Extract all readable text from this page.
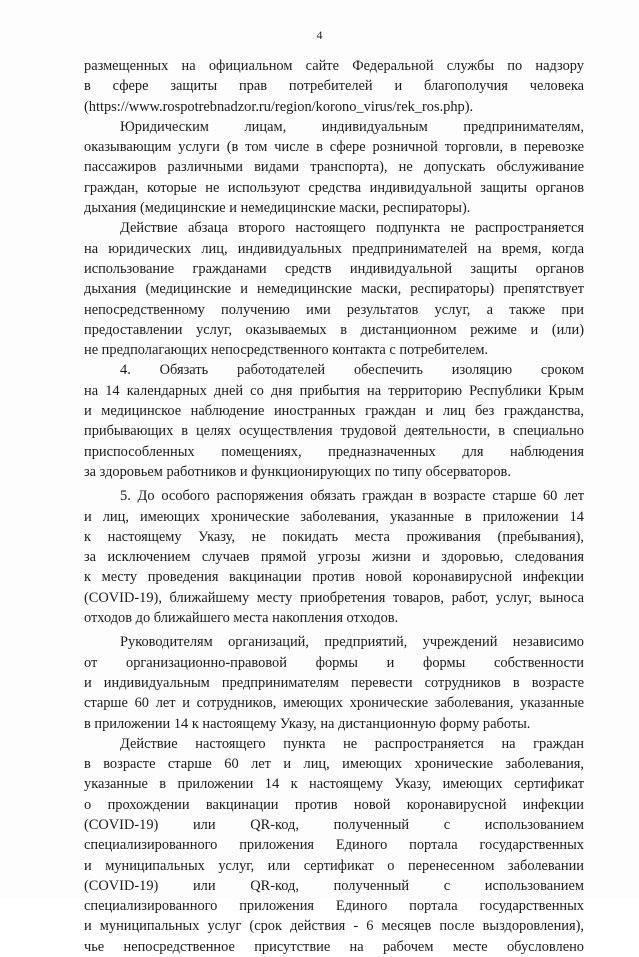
4
размещенных на официальном сайте Федеральной службы по надзору
в сфере защиты прав потребителей и благополучия человека
(https://www.rospotrebnadzor.ru/region/korono_virus/rek_ros.php).
Юридическим лицам, индивидуальным предпринимателям,
оказывающим услуги (в том числе в сфере розничной торговли, в перевозке
пассажиров различными видами транспорта), не допускать обслуживание
граждан, которые не используют средства индивидуальной защиты органов
дыхания (медицинские и немедицинские маски, респираторы).
Действие абзаца второго настоящего подпункта не распространяется
на юридических лиц, индивидуальных предпринимателей на время, когда
использование гражданами средств индивидуальной защиты органов
дыхания (медицинские и немедицинские маски, респираторы) препятствует
непосредственному получению ими результатов услуг, а также при
предоставлении услуг, оказываемых в дистанционном режиме и (или)
не предполагающих непосредственного контакта с потребителем.
4. Обязать работодателей обеспечить изоляцию сроком
на 14 календарных дней со дня прибытия на территорию Республики Крым
и медицинское наблюдение иностранных граждан и лиц без гражданства,
прибывающих в целях осуществления трудовой деятельности, в специально
приспособленных помещениях, предназначенных для наблюдения
за здоровьем работников и функционирующих по типу обсерваторов.
5. До особого распоряжения обязать граждан в возрасте старше 60 лет
и лиц, имеющих хронические заболевания, указанные в приложении 14
к настоящему Указу, не покидать места проживания (пребывания),
за исключением случаев прямой угрозы жизни и здоровью, следования
к месту проведения вакцинации против новой коронавирусной инфекции
(COVID-19), ближайшему месту приобретения товаров, работ, услуг, выноса
отходов до ближайшего места накопления отходов.
Руководителям организаций, предприятий, учреждений независимо
от организационно-правовой формы и формы собственности
и индивидуальным предпринимателям перевести сотрудников в возрасте
старше 60 лет и сотрудников, имеющих хронические заболевания, указанные
в приложении 14 к настоящему Указу, на дистанционную форму работы.
Действие настоящего пункта не распространяется на граждан
в возрасте старше 60 лет и лиц, имеющих хронические заболевания,
указанные в приложении 14 к настоящему Указу, имеющих сертификат
о прохождении вакцинации против новой коронавирусной инфекции
(COVID-19) или QR-код, полученный с использованием
специализированного приложения Единого портала государственных
и муниципальных услуг, или сертификат о перенесенном заболевании
(COVID-19) или QR-код, полученный с использованием
специализированного приложения Единого портала государственных
и муниципальных услуг (срок действия - 6 месяцев после выздоровления),
чье непосредственное присутствие на рабочем месте обусловлено
